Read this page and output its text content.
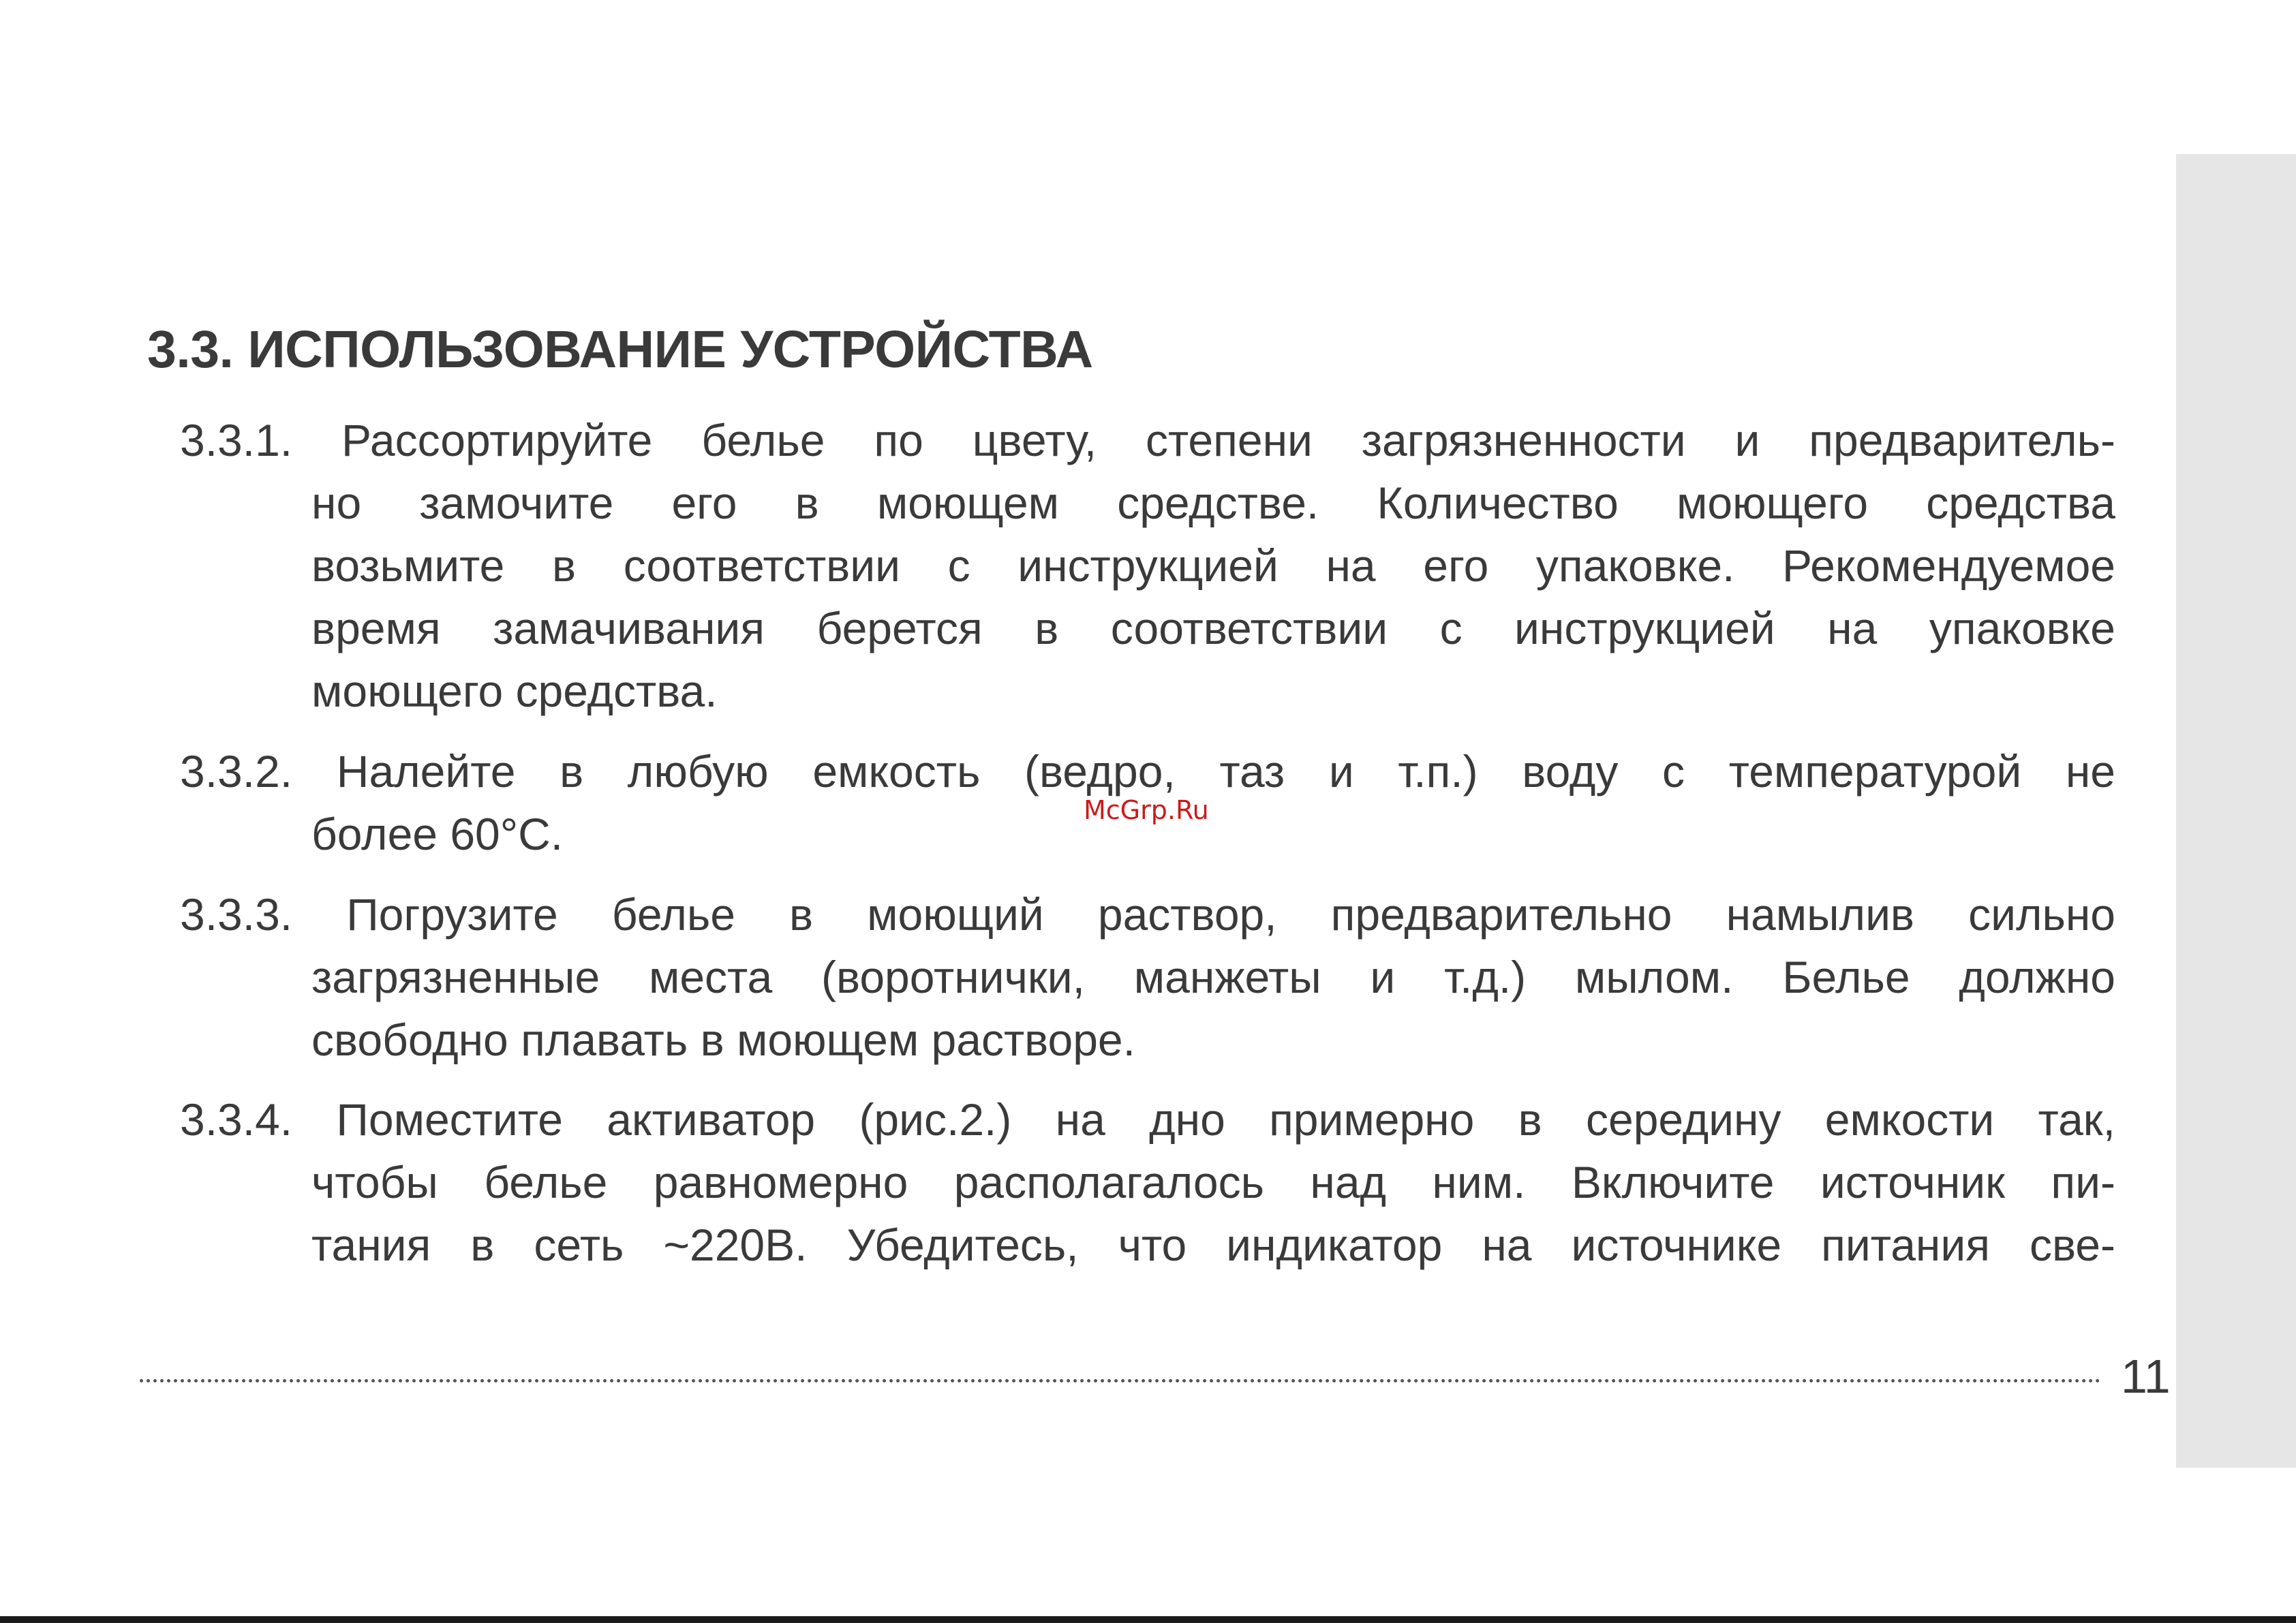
3.3. ИСПОЛЬЗОВАНИЕ УСТРОЙСТВА
3.3.1. Рассортируйте белье по цвету, степени загрязненности и предваритель-
но замочите его в моющем средстве. Количество моющего средства
возьмите в соответствии с инструкцией на его упаковке. Рекомендуемое
время замачивания берется в соответствии с инструкцией на упаковке
моющего средства.
3.3.2. Налейте в любую емкость (ведро, таз и т.п.) воду с температурой не
более 60°С.	McGrp.Ru
3.3.3. Погрузите белье в моющий раствор, предварительно намылив сильно
загрязненные места (воротнички, манжеты и т.д.) мылом. Белье должно
свободно плавать в моющем растворе.
3.3.4. Поместите активатор (рис.2.) на дно примерно в середину емкости так,
чтобы белье равномерно располагалось над ним. Включите источник пи-
тания в сеть ~220В. Убедитесь, что индикатор на источнике питания све-
11
